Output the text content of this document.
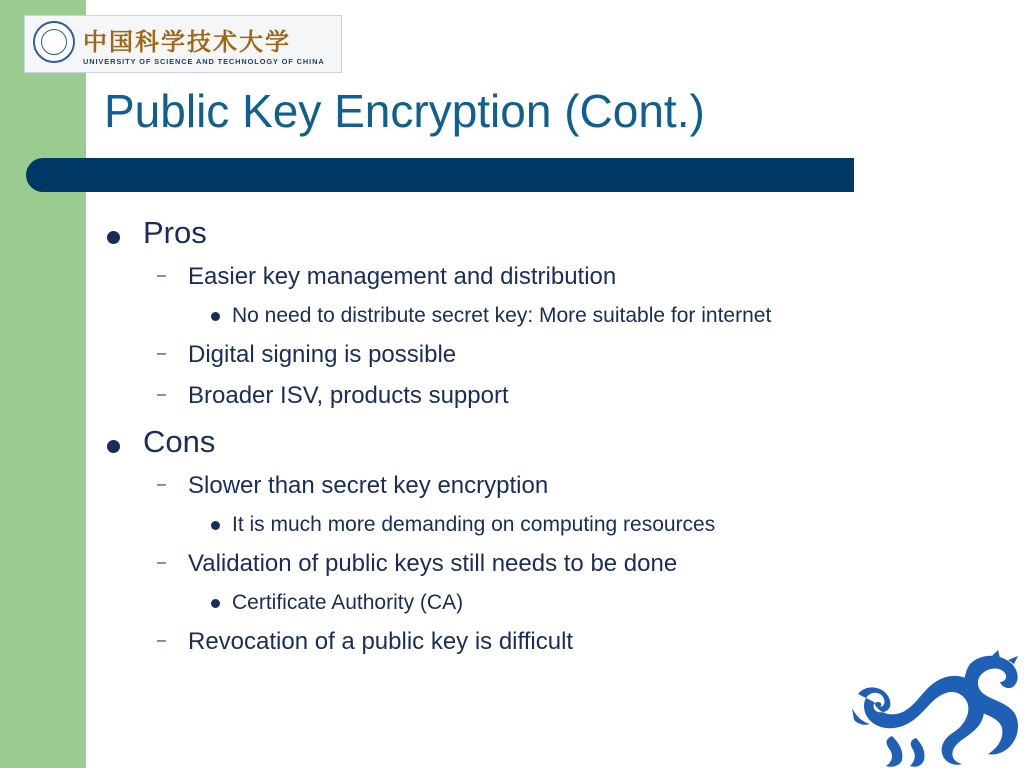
中国科学技术大学
UNIVERSITY OF SCIENCE AND TECHNOLOGY OF CHINA
Public Key Encryption (Cont.)
Pros
– Easier key management and distribution
No need to distribute secret key: More suitable for internet
– Digital signing is possible
– Broader ISV, products support
Cons
– Slower than secret key encryption
It is much more demanding on computing resources
– Validation of public keys still needs to be done
Certificate Authority (CA)
– Revocation of a public key is difficult
